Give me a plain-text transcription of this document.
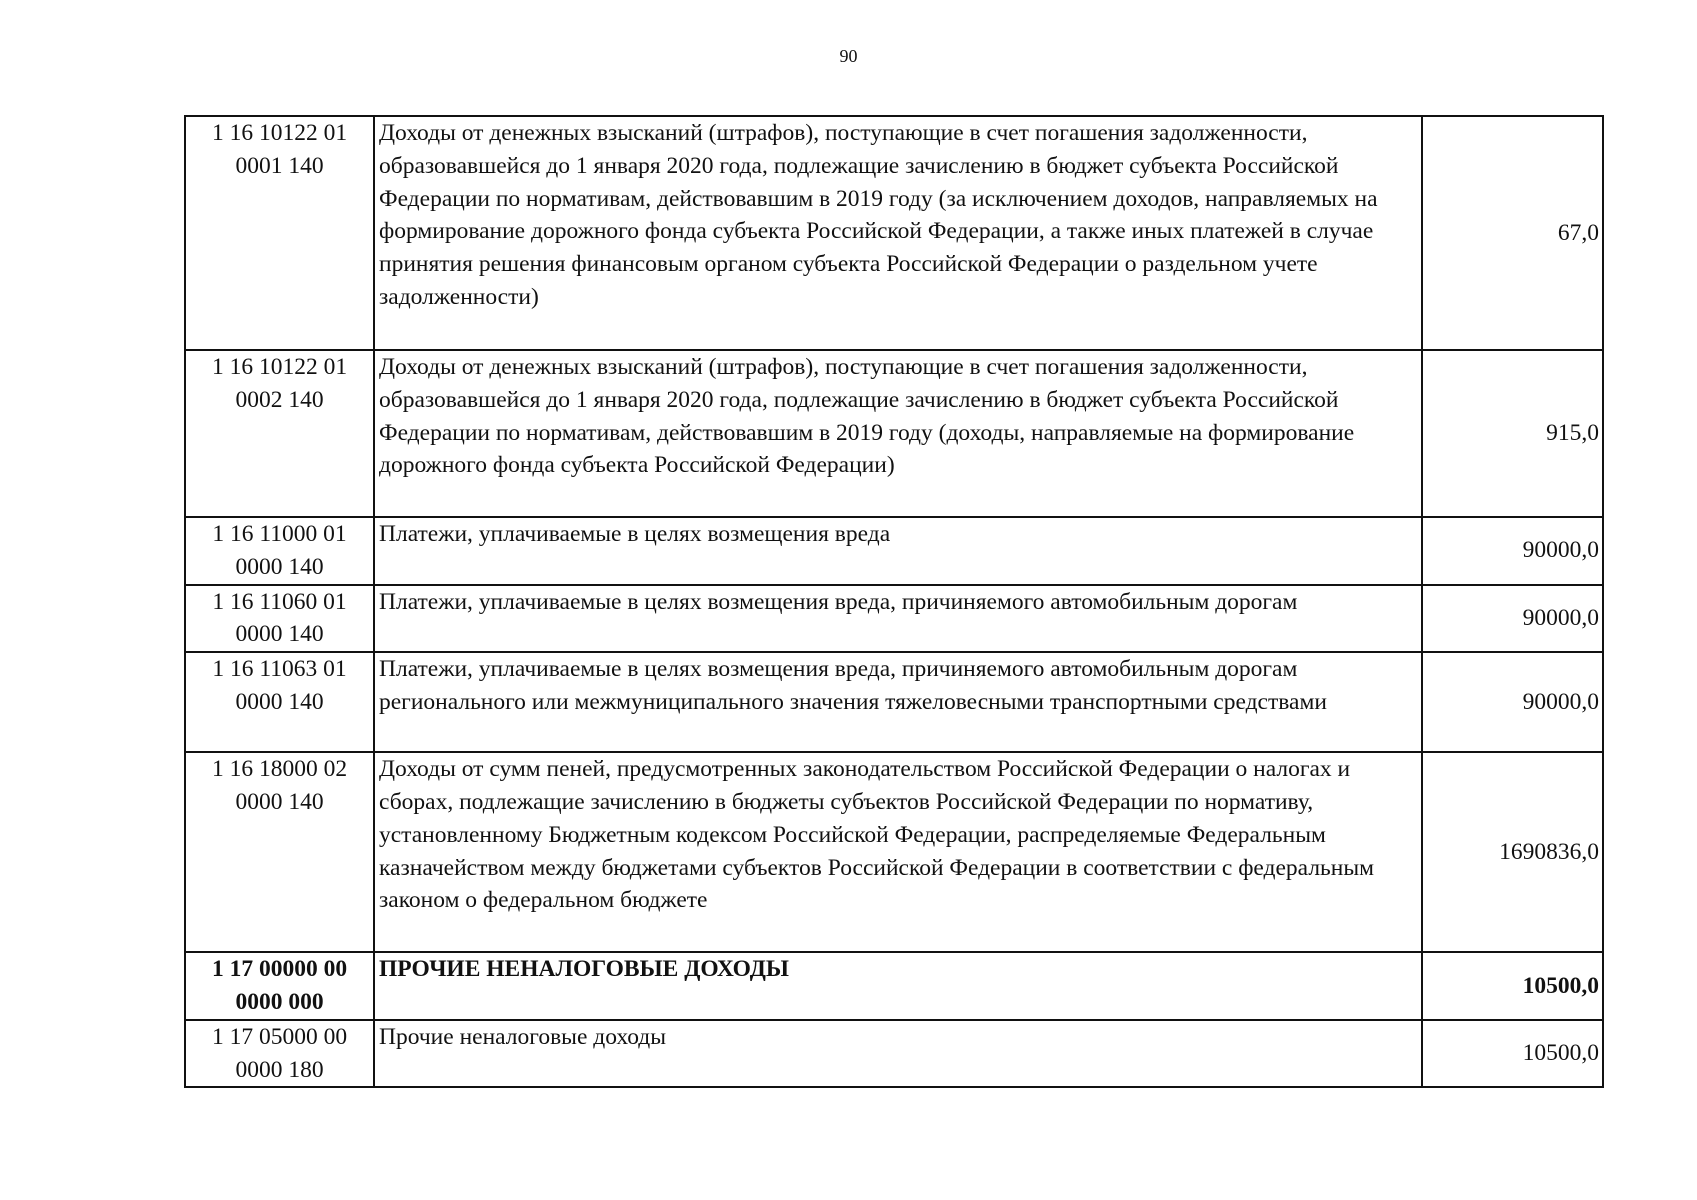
90
1 16 10122 01 0001 140	Доходы от денежных взысканий (штрафов), поступающие в счет погашения задолженности, образовавшейся до 1 января 2020 года, подлежащие зачислению в бюджет субъекта Российской Федерации по нормативам, действовавшим в 2019 году (за исключением доходов, направляемых на формирование дорожного фонда субъекта Российской Федерации, а также иных платежей в случае принятия решения финансовым органом субъекта Российской Федерации о раздельном учете задолженности)	67,0
1 16 10122 01 0002 140	Доходы от денежных взысканий (штрафов), поступающие в счет погашения задолженности, образовавшейся до 1 января 2020 года, подлежащие зачислению в бюджет субъекта Российской Федерации по нормативам, действовавшим в 2019 году (доходы, направляемые на формирование дорожного фонда субъекта Российской Федерации)	915,0
1 16 11000 01 0000 140	Платежи, уплачиваемые в целях возмещения вреда	90000,0
1 16 11060 01 0000 140	Платежи, уплачиваемые в целях возмещения вреда, причиняемого автомобильным дорогам	90000,0
1 16 11063 01 0000 140	Платежи, уплачиваемые в целях возмещения вреда, причиняемого автомобильным дорогам регионального или межмуниципального значения тяжеловесными транспортными средствами	90000,0
1 16 18000 02 0000 140	Доходы от сумм пеней, предусмотренных законодательством Российской Федерации о налогах и сборах, подлежащие зачислению в бюджеты субъектов Российской Федерации по нормативу, установленному Бюджетным кодексом Российской Федерации, распределяемые Федеральным казначейством между бюджетами субъектов Российской Федерации в соответствии с федеральным законом о федеральном бюджете	1690836,0
1 17 00000 00 0000 000	ПРОЧИЕ НЕНАЛОГОВЫЕ ДОХОДЫ	10500,0
1 17 05000 00 0000 180	Прочие неналоговые доходы	10500,0
